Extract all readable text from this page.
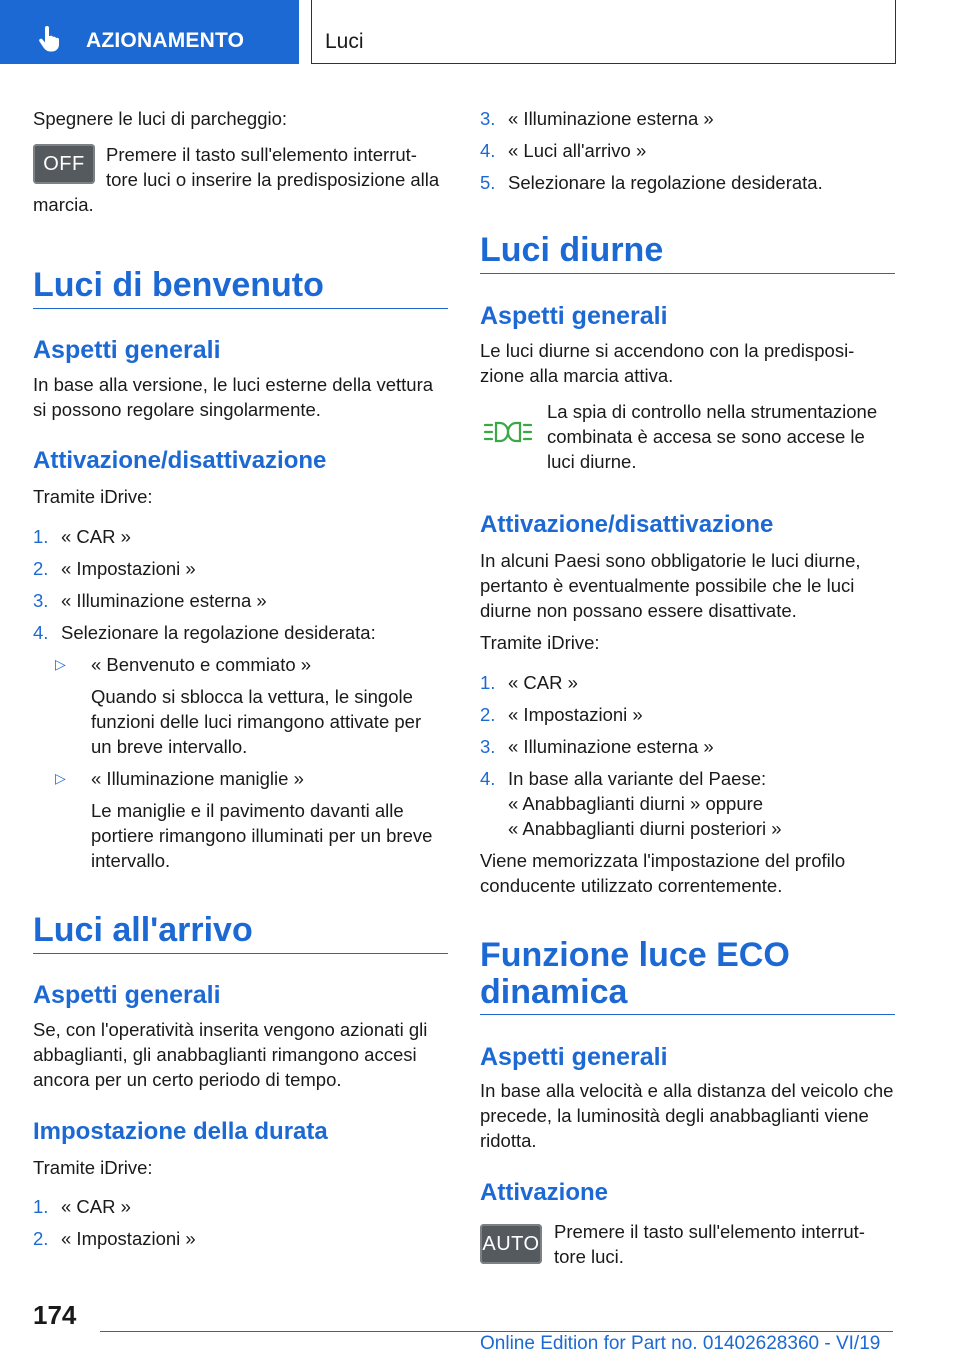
AZIONAMENTO	Luci

Spegnere le luci di parcheggio:

OFF	Premere il tasto sull'elemento interrut-

tore luci o inserire la predisposizione alla

marcia.

Luci di benvenuto
Aspetti generali

In base alla versione, le luci esterne della vettura

si possono regolare singolarmente.

Attivazione/disattivazione

Tramite iDrive:

1. « CAR »
2. « Impostazioni »
3. « Illuminazione esterna »
4. Selezionare la regolazione desiderata:
▷ « Benvenuto e commiato »

Quando si sblocca la vettura, le singole

funzioni delle luci rimangono attivate per

un breve intervallo.

▷ « Illuminazione maniglie »

Le maniglie e il pavimento davanti alle

portiere rimangono illuminati per un breve

intervallo.

Luci all'arrivo
Aspetti generali

Se, con l'operatività inserita vengono azionati gli

abbaglianti, gli anabbaglianti rimangono accesi

ancora per un certo periodo di tempo.

Impostazione della durata

Tramite iDrive:

1. « CAR »
2. « Impostazioni »
3. « Illuminazione esterna »
4. « Luci all'arrivo »
5. Selezionare la regolazione desiderata.
Luci diurne
Aspetti generali

Le luci diurne si accendono con la predisposi-

zione alla marcia attiva.

La spia di controllo nella strumentazione

combinata è accesa se sono accese le

luci diurne.

Attivazione/disattivazione

In alcuni Paesi sono obbligatorie le luci diurne,

pertanto è eventualmente possibile che le luci

diurne non possano essere disattivate.

Tramite iDrive:

1. « CAR »
2. « Impostazioni »
3. « Illuminazione esterna »
4. In base alla variante del Paese:
« Anabbaglianti diurni » oppure
« Anabbaglianti diurni posteriori »

Viene memorizzata l'impostazione del profilo

conducente utilizzato correntemente.

Funzione luce ECO
dinamica
Aspetti generali

In base alla velocità e alla distanza del veicolo che

precede, la luminosità degli anabbaglianti viene

ridotta.

Attivazione
AUTO

Premere il tasto sull'elemento interrut-

tore luci.

174
Online Edition for Part no. 01402628360 - VI/19
